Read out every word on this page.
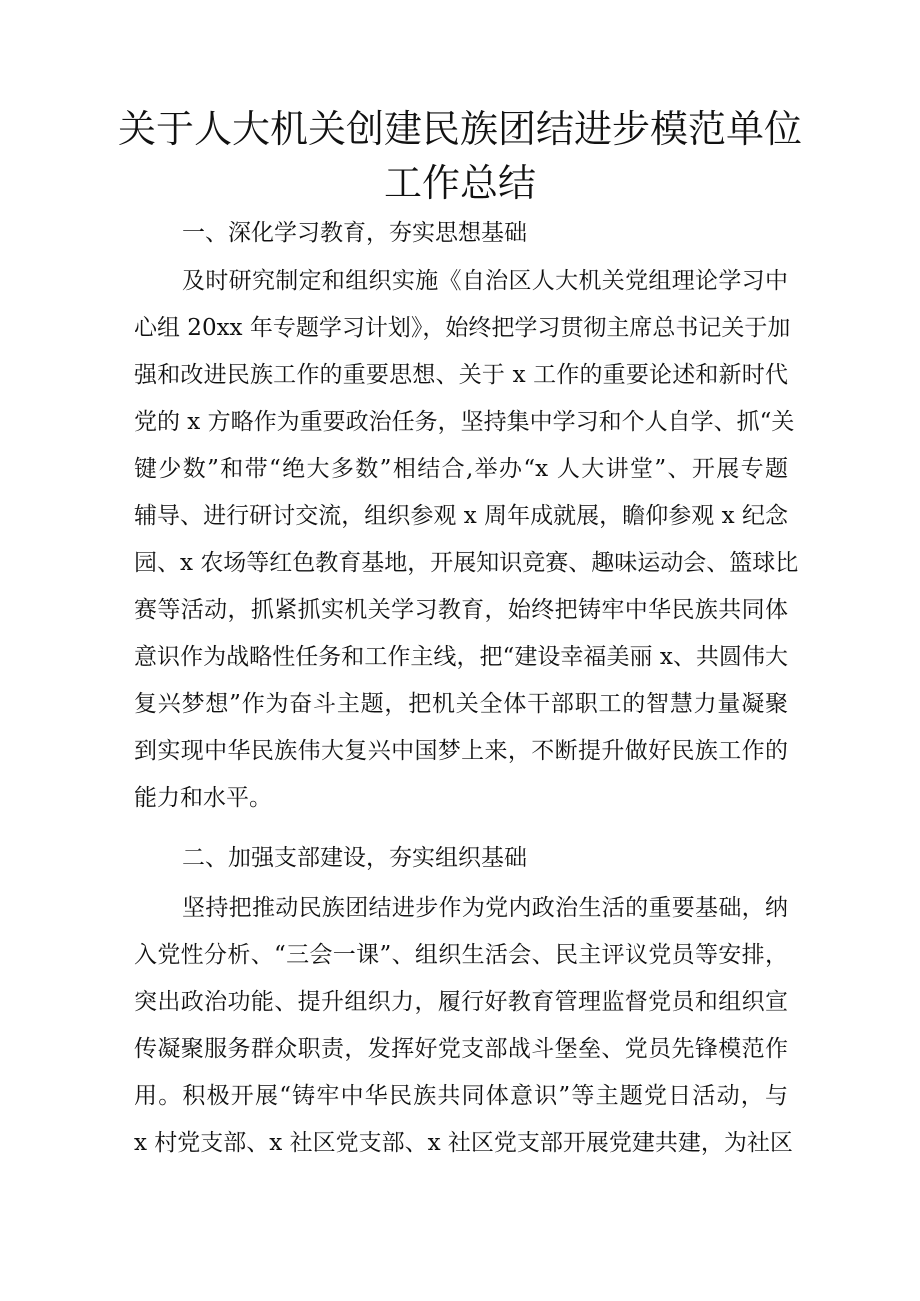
关于人大机关创建民族团结进步模范单位
工作总结
一、深化学习教育，夯实思想基础

及时研究制定和组织实施《自治区人大机关党组理论学习中

心组 20xx 年专题学习计划》，始终把学习贯彻主席总书记关于加

强和改进民族工作的重要思想、关于 x 工作的重要论述和新时代

党的 x 方略作为重要政治任务，坚持集中学习和个人自学、抓“关

键少数”和带“绝大多数”相结合,举办“x 人大讲堂”、开展专题

辅导、进行研讨交流，组织参观 x 周年成就展，瞻仰参观 x 纪念

园、x 农场等红色教育基地，开展知识竞赛、趣味运动会、篮球比

赛等活动，抓紧抓实机关学习教育，始终把铸牢中华民族共同体

意识作为战略性任务和工作主线，把“建设幸福美丽 x、共圆伟大

复兴梦想”作为奋斗主题，把机关全体干部职工的智慧力量凝聚

到实现中华民族伟大复兴中国梦上来，不断提升做好民族工作的

能力和水平。

二、加强支部建设，夯实组织基础

坚持把推动民族团结进步作为党内政治生活的重要基础，纳

入党性分析、“三会一课”、组织生活会、民主评议党员等安排，

突出政治功能、提升组织力，履行好教育管理监督党员和组织宣

传凝聚服务群众职责，发挥好党支部战斗堡垒、党员先锋模范作

用。积极开展“铸牢中华民族共同体意识”等主题党日活动，与

x 村党支部、x 社区党支部、x 社区党支部开展党建共建，为社区
